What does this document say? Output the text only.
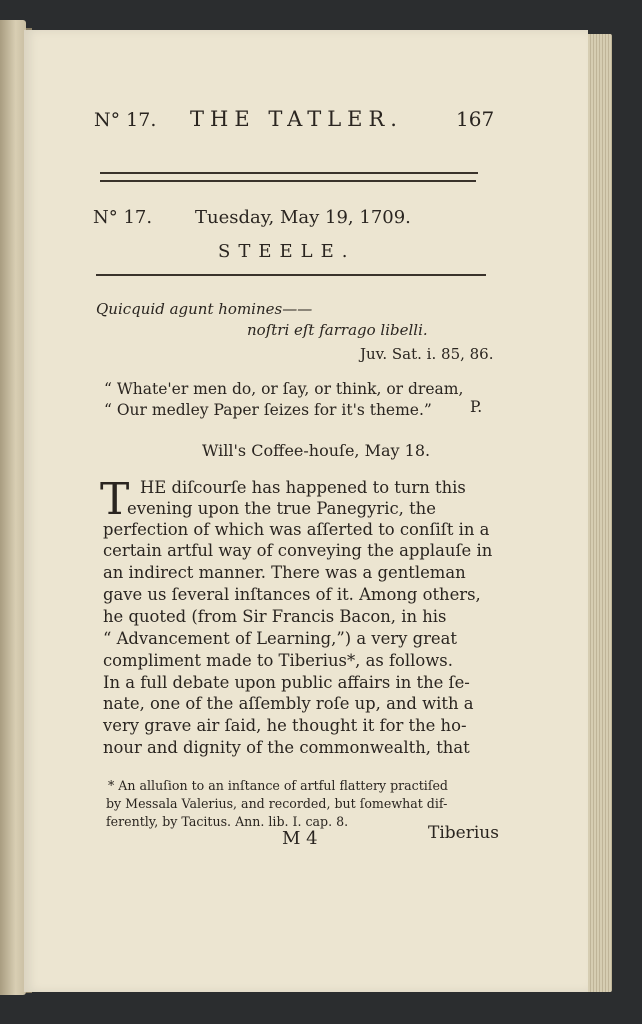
N° 17. THE TATLER.	167
N° 17. Tuesday, May 19, 1709.
STEELE.
Quicquid agunt homines——
noſtri eſt farrago libelli.
Juv. Sat. i. 85, 86.
“ Whate'er men do, or ſay, or think, or dream,
“ Our medley Paper ſeizes for it's theme.” P.
Will's Coffee-houſe, May 18.
T HE diſcourſe has happened to turn this
evening upon the true Panegyric, the
perfection of which was aſſerted to conſiſt in a
certain artful way of conveying the applauſe in
an indirect manner. There was a gentleman
gave us ſeveral inſtances of it. Among others,
he quoted (from Sir Francis Bacon, in his
“ Advancement of Learning,”) a very great
compliment made to Tiberius*, as follows.
In a full debate upon public affairs in the ſe-
nate, one of the aſſembly roſe up, and with a
very grave air ſaid, he thought it for the ho-
nour and dignity of the commonwealth, that
* An alluſion to an inſtance of artful flattery practiſed
by Messala Valerius, and recorded, but ſomewhat dif-
ferently, by Tacitus. Ann. lib. I. cap. 8.
M 4	Tiberius
